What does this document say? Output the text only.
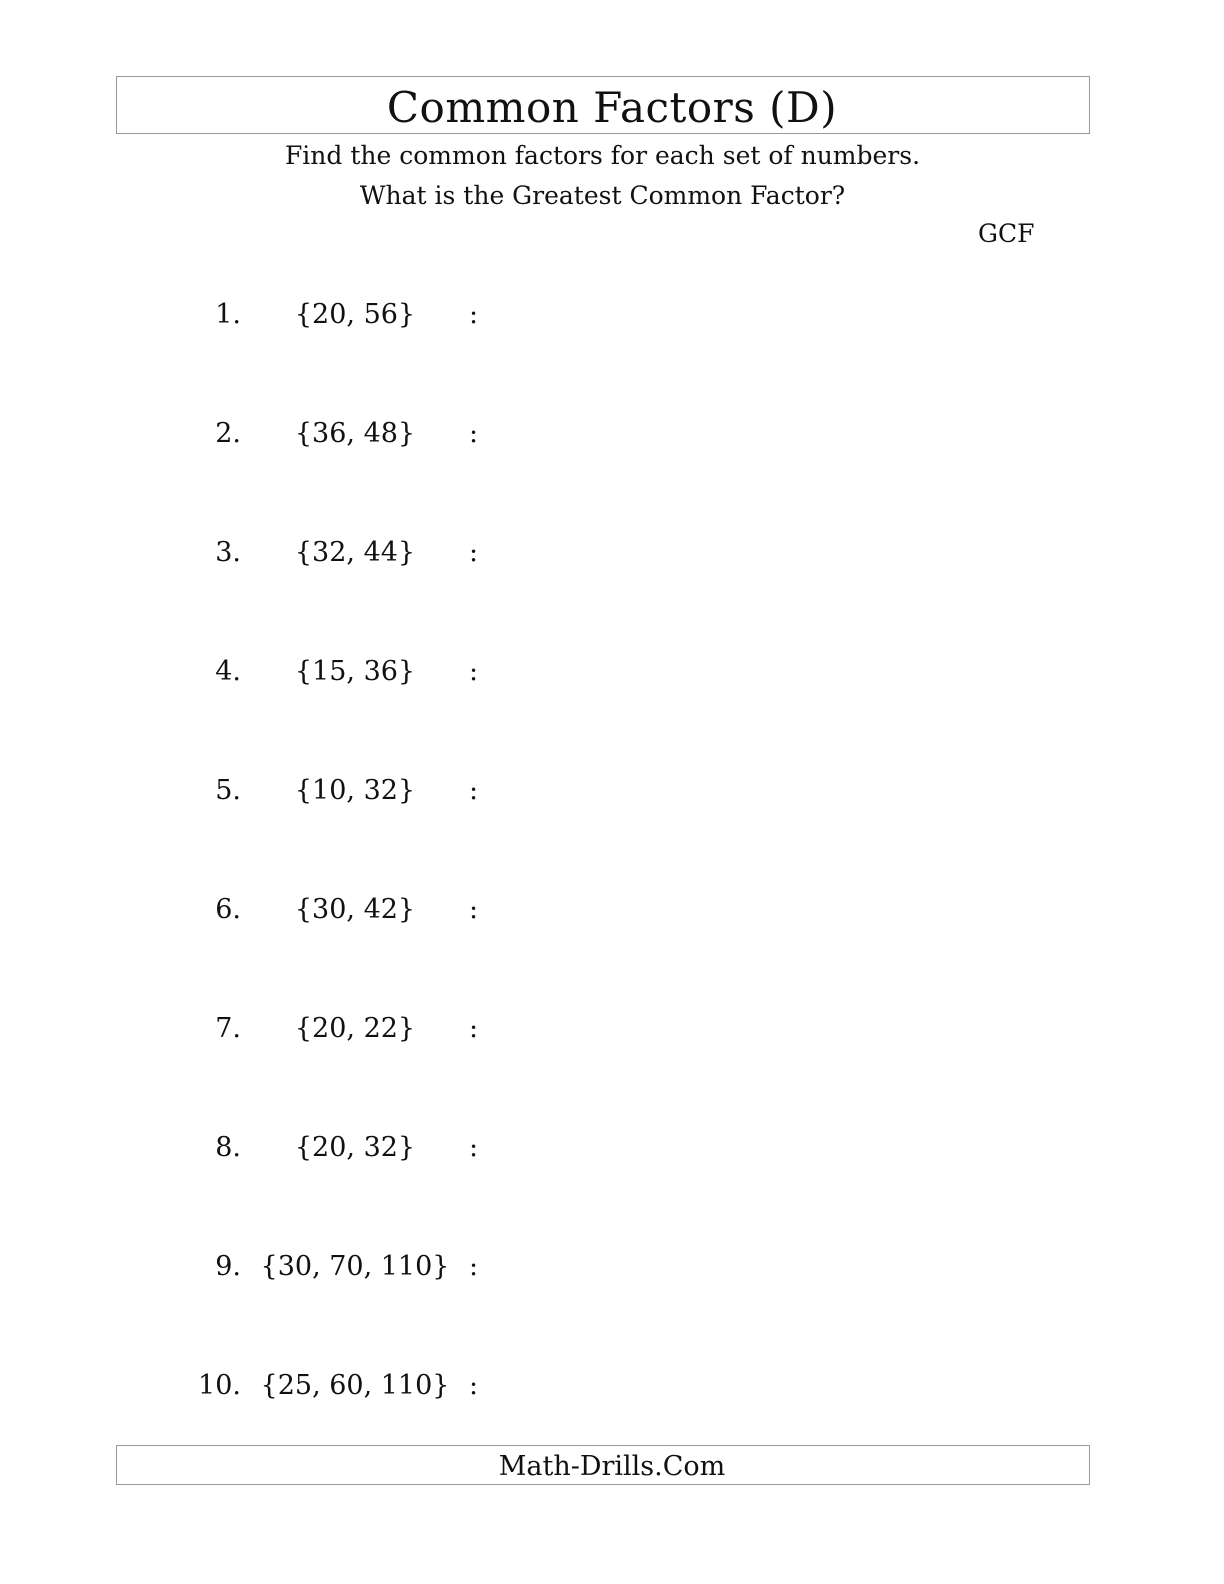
Common Factors (D)
Find the common factors for each set of numbers.
What is the Greatest Common Factor?
GCF
1.	{20, 56}	:
2.	{36, 48}	:
3.	{32, 44}	:
4.	{15, 36}	:
5.	{10, 32}	:
6.	{30, 42}	:
7.	{20, 22}	:
8.	{20, 32}	:
9. {30, 70, 110} :
10. {25, 60, 110} :
Math-Drills.Com
